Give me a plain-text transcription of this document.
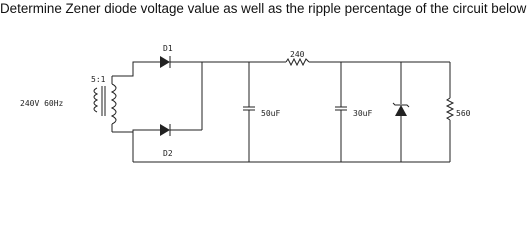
Determine Zener diode voltage value as well as the ripple percentage of the circuit below
240V 60Hz
5:1
D1
D2
240
50uF	30uF	560
